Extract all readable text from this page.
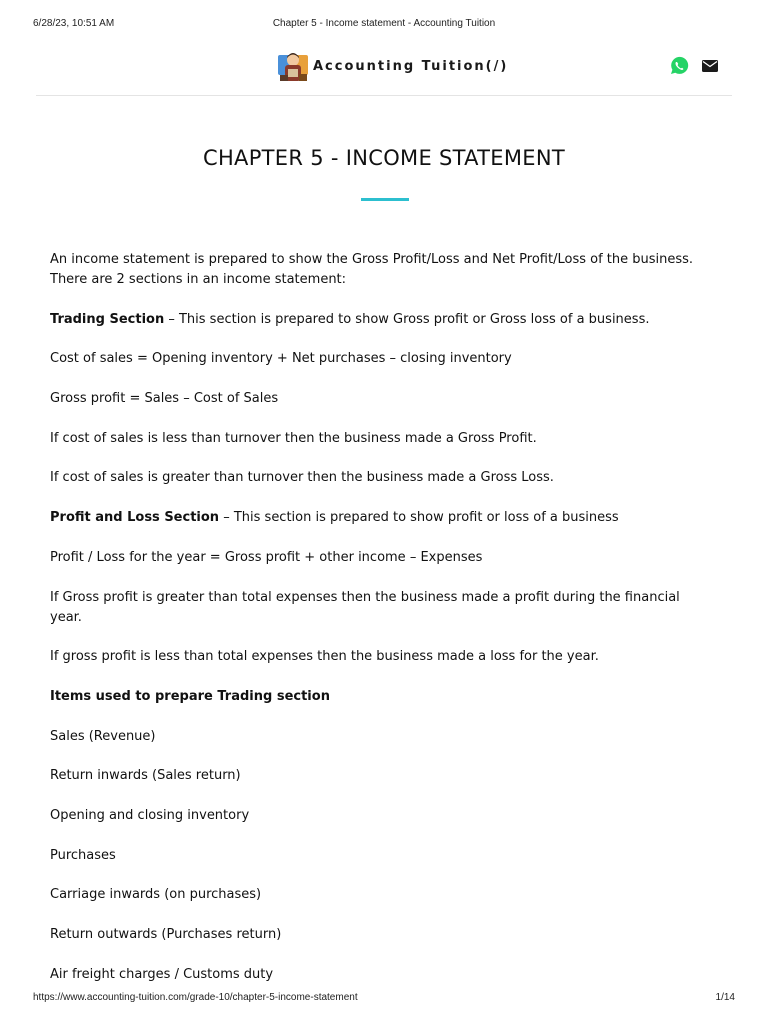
6/28/23, 10:51 AM	Chapter 5 - Income statement - Accounting Tuition
Accounting Tuition(/)
CHAPTER 5 - INCOME STATEMENT

An income statement is prepared to show the Gross Profit/Loss and Net Profit/Loss of the business. There are 2 sections in an income statement:

Trading Section – This section is prepared to show Gross profit or Gross loss of a business.

Cost of sales = Opening inventory + Net purchases – closing inventory

Gross profit = Sales – Cost of Sales

If cost of sales is less than turnover then the business made a Gross Profit.

If cost of sales is greater than turnover then the business made a Gross Loss.

Profit and Loss Section – This section is prepared to show profit or loss of a business

Profit / Loss for the year = Gross profit + other income – Expenses

If Gross profit is greater than total expenses then the business made a profit during the financial year.

If gross profit is less than total expenses then the business made a loss for the year.

Items used to prepare Trading section

Sales (Revenue)

Return inwards (Sales return)

Opening and closing inventory

Purchases

Carriage inwards (on purchases)

Return outwards (Purchases return)

Air freight charges / Customs duty

https://www.accounting-tuition.com/grade-10/chapter-5-income-statement	1/14
